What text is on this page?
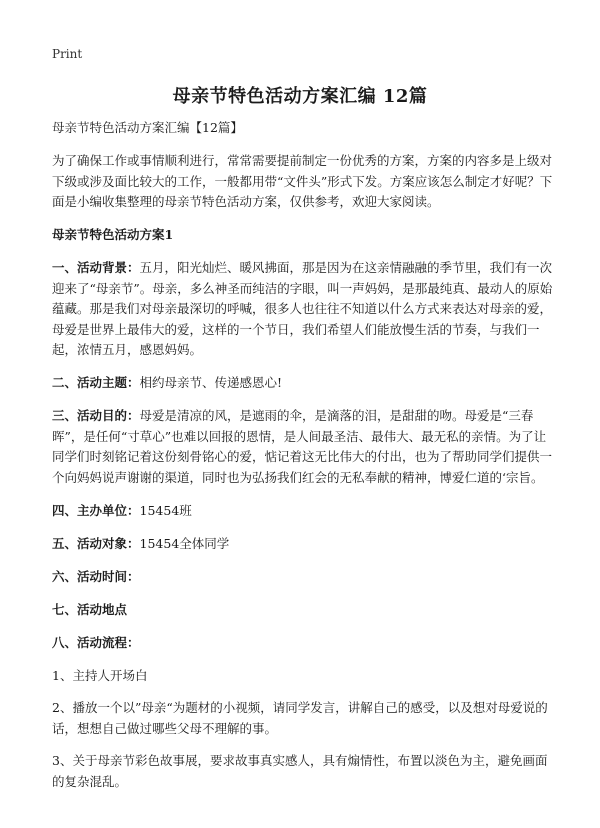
Print
母亲节特色活动方案汇编 12篇

母亲节特色活动方案汇编【12篇】

为了确保工作或事情顺利进行，常常需要提前制定一份优秀的方案，方案的内容多是上级对下级或涉及面比较大的工作，一般都用带“文件头”形式下发。方案应该怎么制定才好呢？下面是小编收集整理的母亲节特色活动方案，仅供参考，欢迎大家阅读。

母亲节特色活动方案1

一、活动背景：五月，阳光灿烂、暖风拂面，那是因为在这亲情融融的季节里，我们有一次迎来了“母亲节”。母亲，多么神圣而纯洁的字眼，叫一声妈妈，是那最纯真、最动人的原始蕴藏。那是我们对母亲最深切的呼喊，很多人也往往不知道以什么方式来表达对母亲的爱，母爱是世界上最伟大的爱，这样的一个节日，我们希望人们能放慢生活的节奏，与我们一起，浓情五月，感恩妈妈。

二、活动主题：相约母亲节、传递感恩心!

三、活动目的：母爱是清凉的风，是遮雨的伞，是滴落的泪，是甜甜的吻。母爱是“三春晖”，是任何“寸草心”也难以回报的恩情，是人间最圣洁、最伟大、最无私的亲情。为了让同学们时刻铭记着这份刻骨铭心的爱，惦记着这无比伟大的付出，也为了帮助同学们提供一个向妈妈说声谢谢的渠道，同时也为弘扬我们红会的无私奉献的精神，博爱仁道的‘宗旨。

四、主办单位：15454班

五、活动对象：15454全体同学

六、活动时间：

七、活动地点

八、活动流程：

1、主持人开场白

2、播放一个以”母亲“为题材的小视频，请同学发言，讲解自己的感受，以及想对母爱说的话，想想自己做过哪些父母不理解的事。

3、关于母亲节彩色故事展，要求故事真实感人，具有煽情性，布置以淡色为主，避免画面的复杂混乱。
